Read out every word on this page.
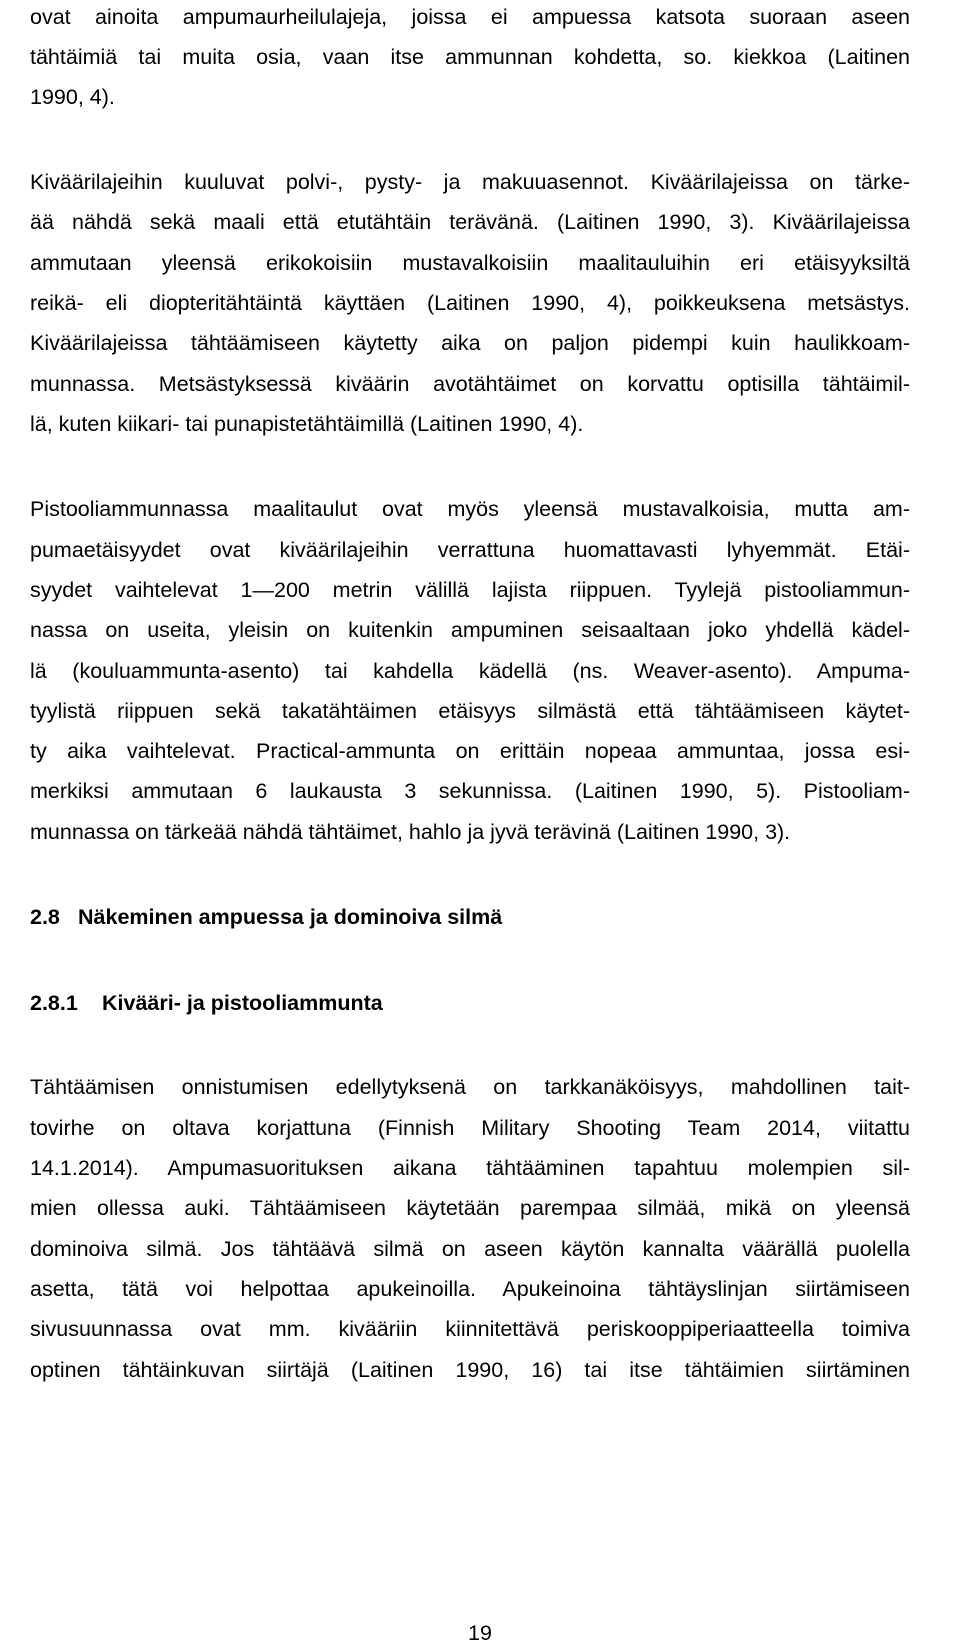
ovat ainoita ampumaurheilulajeja, joissa ei ampuessa katsota suoraan aseen
tähtäimiä tai muita osia, vaan itse ammunnan kohdetta, so. kiekkoa (Laitinen
1990, 4).
Kiväärilajeihin kuuluvat polvi-, pysty- ja makuuasennot. Kiväärilajeissa on tärke-
ää nähdä sekä maali että etutähtäin terävänä. (Laitinen 1990, 3). Kiväärilajeissa
ammutaan yleensä erikokoisiin mustavalkoisiin maalitauluihin eri etäisyyksiltä
reikä- eli diopteritähtäintä käyttäen (Laitinen 1990, 4), poikkeuksena metsästys.
Kiväärilajeissa tähtäämiseen käytetty aika on paljon pidempi kuin haulikkoam-
munnassa. Metsästyksessä kiväärin avotähtäimet on korvattu optisilla tähtäimil-
lä, kuten kiikari- tai punapistetähtäimillä (Laitinen 1990, 4).
Pistooliammunnassa maalitaulut ovat myös yleensä mustavalkoisia, mutta am-
pumaetäisyydet ovat kiväärilajeihin verrattuna huomattavasti lyhyemmät. Etäi-
syydet vaihtelevat 1—200 metrin välillä lajista riippuen. Tyylejä pistooliammun-
nassa on useita, yleisin on kuitenkin ampuminen seisaaltaan joko yhdellä kädel-
lä (kouluammunta-asento) tai kahdella kädellä (ns. Weaver-asento). Ampuma-
tyylistä riippuen sekä takatähtäimen etäisyys silmästä että tähtäämiseen käytet-
ty aika vaihtelevat. Practical-ammunta on erittäin nopeaa ammuntaa, jossa esi-
merkiksi ammutaan 6 laukausta 3 sekunnissa. (Laitinen 1990, 5). Pistooliam-
munnassa on tärkeää nähdä tähtäimet, hahlo ja jyvä terävinä (Laitinen 1990, 3).
2.8 Näkeminen ampuessa ja dominoiva silmä
2.8.1 Kivääri- ja pistooliammunta
Tähtäämisen onnistumisen edellytyksenä on tarkkanäköisyys, mahdollinen tait-
tovirhe on oltava korjattuna (Finnish Military Shooting Team 2014, viitattu
14.1.2014). Ampumasuorituksen aikana tähtääminen tapahtuu molempien sil-
mien ollessa auki. Tähtäämiseen käytetään parempaa silmää, mikä on yleensä
dominoiva silmä. Jos tähtäävä silmä on aseen käytön kannalta väärällä puolella
asetta, tätä voi helpottaa apukeinoilla. Apukeinoina tähtäyslinjan siirtämiseen
sivusuunnassa ovat mm. kivääriin kiinnitettävä periskooppiperiaatteella toimiva
optinen tähtäinkuvan siirtäjä (Laitinen 1990, 16) tai itse tähtäimien siirtäminen
19
